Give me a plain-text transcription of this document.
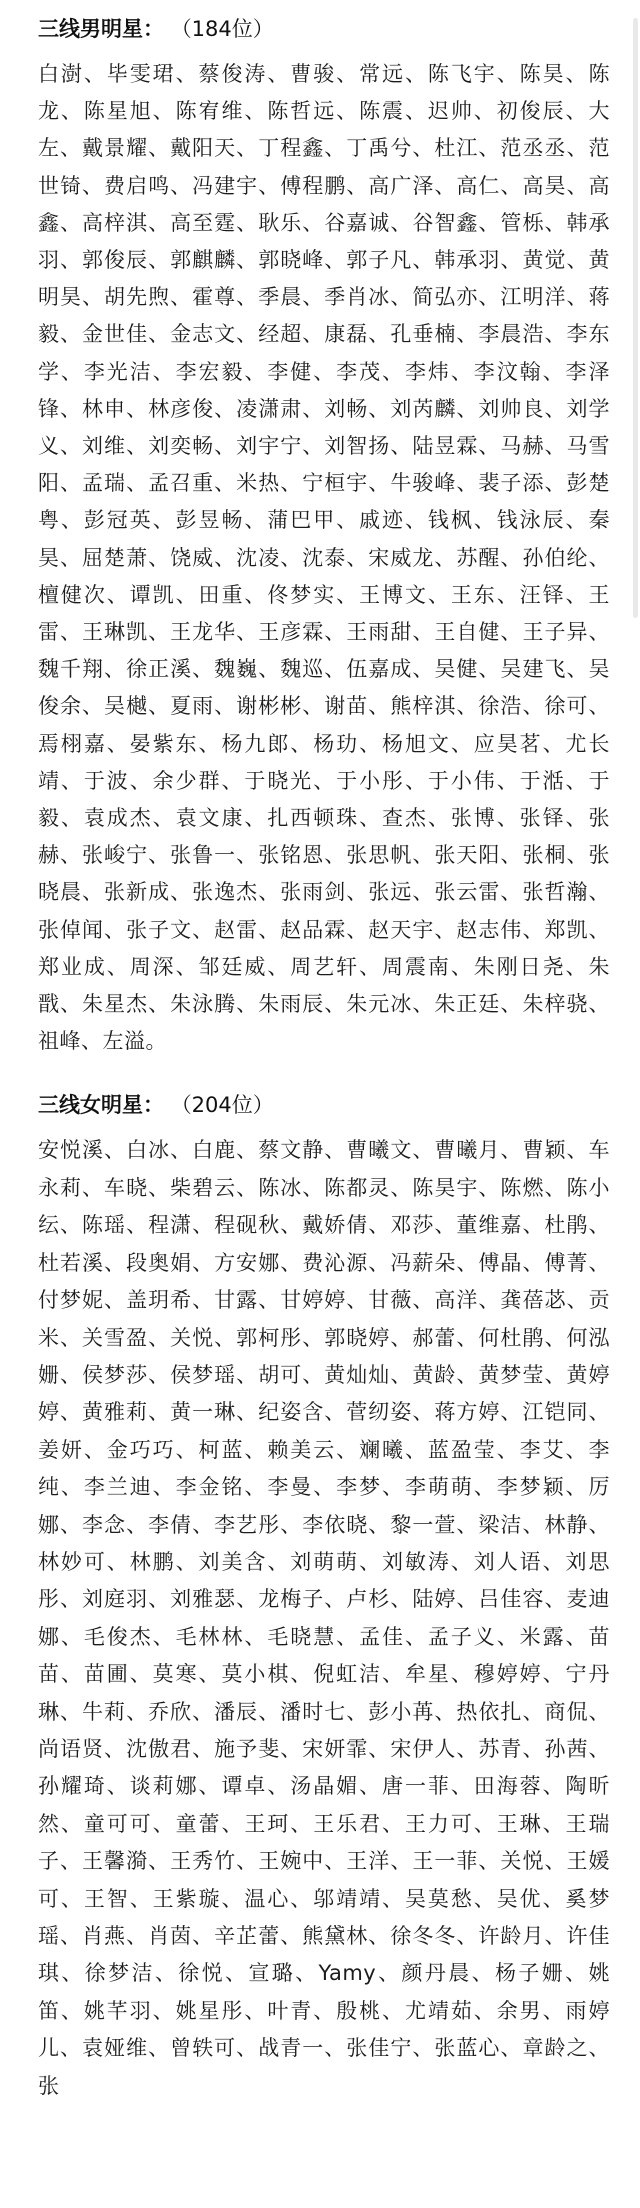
三线男明星： （184位）

白澍、毕雯珺、蔡俊涛、曹骏、常远、陈飞宇、陈昊、陈龙、陈星旭、陈宥维、陈哲远、陈震、迟帅、初俊辰、大左、戴景耀、戴阳天、丁程鑫、丁禹兮、杜江、范丞丞、范世锜、费启鸣、冯建宇、傅程鹏、高广泽、高仁、高昊、高鑫、高梓淇、高至霆、耿乐、谷嘉诚、谷智鑫、管栎、韩承羽、郭俊辰、郭麒麟、郭晓峰、郭子凡、韩承羽、黄觉、黄明昊、胡先煦、霍尊、季晨、季肖冰、简弘亦、江明洋、蒋毅、金世佳、金志文、经超、康磊、孔垂楠、李晨浩、李东学、李光洁、李宏毅、李健、李茂、李炜、李汶翰、李泽锋、林申、林彦俊、凌潇肃、刘畅、刘芮麟、刘帅良、刘学义、刘维、刘奕畅、刘宇宁、刘智扬、陆昱霖、马赫、马雪阳、孟瑞、孟召重、米热、宁桓宇、牛骏峰、裴子添、彭楚粤、彭冠英、彭昱畅、蒲巴甲、戚迹、钱枫、钱泳辰、秦昊、屈楚萧、饶威、沈凌、沈泰、宋威龙、苏醒、孙伯纶、檀健次、谭凯、田重、佟梦实、王博文、王东、汪铎、王雷、王琳凯、王龙华、王彦霖、王雨甜、王自健、王子异、魏千翔、徐正溪、魏巍、魏巡、伍嘉成、吴健、吴建飞、吴俊余、吴樾、夏雨、谢彬彬、谢苗、熊梓淇、徐浩、徐可、焉栩嘉、晏紫东、杨九郎、杨玏、杨旭文、应昊茗、尤长靖、于波、余少群、于晓光、于小彤、于小伟、于湉、于毅、袁成杰、袁文康、扎西顿珠、查杰、张博、张铎、张赫、张峻宁、张鲁一、张铭恩、张思帆、张天阳、张桐、张晓晨、张新成、张逸杰、张雨剑、张远、张云雷、张哲瀚、张倬闻、张子文、赵雷、赵品霖、赵天宇、赵志伟、郑凯、郑业成、周深、邹廷威、周艺轩、周震南、朱刚日尧、朱戬、朱星杰、朱泳腾、朱雨辰、朱元冰、朱正廷、朱梓骁、祖峰、左溢。

三线女明星： （204位）

安悦溪、白冰、白鹿、蔡文静、曹曦文、曹曦月、曹颖、车永莉、车晓、柴碧云、陈冰、陈都灵、陈昊宇、陈燃、陈小纭、陈瑶、程潇、程砚秋、戴娇倩、邓莎、董维嘉、杜鹃、杜若溪、段奥娟、方安娜、费沁源、冯薪朵、傅晶、傅菁、付梦妮、盖玥希、甘露、甘婷婷、甘薇、高洋、龚蓓苾、贡米、关雪盈、关悦、郭柯彤、郭晓婷、郝蕾、何杜鹃、何泓姗、侯梦莎、侯梦瑶、胡可、黄灿灿、黄龄、黄梦莹、黄婷婷、黄雅莉、黄一琳、纪姿含、菅纫姿、蒋方婷、江铠同、姜妍、金巧巧、柯蓝、赖美云、斓曦、蓝盈莹、李艾、李纯、李兰迪、李金铭、李曼、李梦、李萌萌、李梦颖、厉娜、李念、李倩、李艺彤、李依晓、黎一萱、梁洁、林静、林妙可、林鹏、刘美含、刘萌萌、刘敏涛、刘人语、刘思彤、刘庭羽、刘雅瑟、龙梅子、卢杉、陆婷、吕佳容、麦迪娜、毛俊杰、毛林林、毛晓慧、孟佳、孟子义、米露、苗苗、苗圃、莫寒、莫小棋、倪虹洁、牟星、穆婷婷、宁丹琳、牛莉、乔欣、潘辰、潘时七、彭小苒、热依扎、商侃、尚语贤、沈傲君、施予斐、宋妍霏、宋伊人、苏青、孙茜、孙耀琦、谈莉娜、谭卓、汤晶媚、唐一菲、田海蓉、陶昕然、童可可、童蕾、王珂、王乐君、王力可、王琳、王瑞子、王馨漪、王秀竹、王婉中、王洋、王一菲、关悦、王媛可、王智、王紫璇、温心、邬靖靖、吴莫愁、吴优、奚梦瑶、肖燕、肖茵、辛芷蕾、熊黛林、徐冬冬、许龄月、许佳琪、徐梦洁、徐悦、宣璐、Yamy、颜丹晨、杨子姗、姚笛、姚芊羽、姚星彤、叶青、殷桃、尤靖茹、余男、雨婷儿、袁娅维、曾轶可、战青一、张佳宁、张蓝心、章龄之、张
